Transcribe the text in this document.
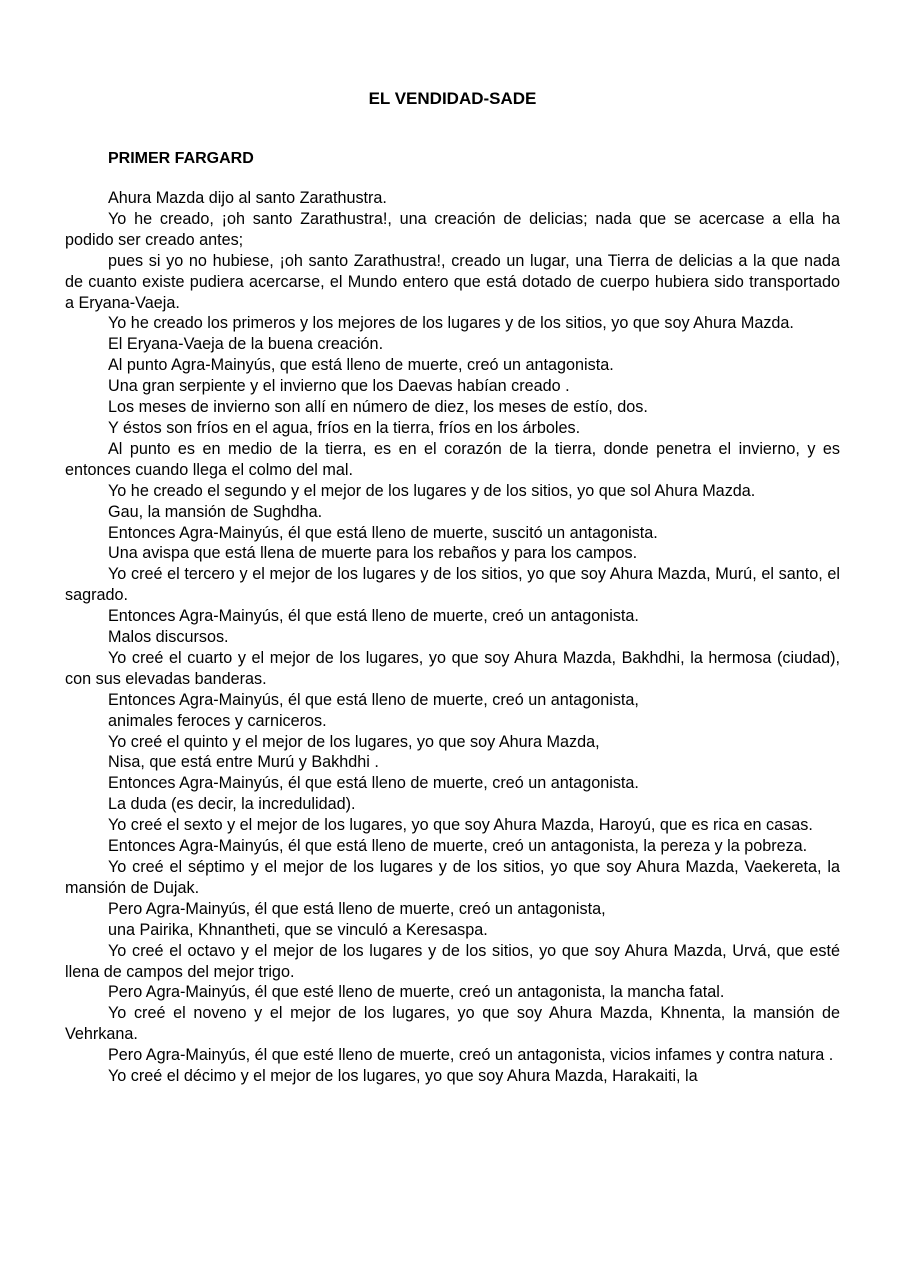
EL VENDIDAD-SADE
PRIMER FARGARD

Ahura Mazda dijo al santo Zarathustra.

Yo he creado, ¡oh santo Zarathustra!, una creación de delicias; nada que se acercase a ella ha podido ser creado antes;

pues si yo no hubiese, ¡oh santo Zarathustra!, creado un lugar, una Tierra de delicias a la que nada de cuanto existe pudiera acercarse, el Mundo entero que está dotado de cuerpo hubiera sido transportado a Eryana-Vaeja.

Yo he creado los primeros y los mejores de los lugares y de los sitios, yo que soy Ahura Mazda.

El Eryana-Vaeja de la buena creación.

Al punto Agra-Mainyús, que está lleno de muerte, creó un antagonista.

Una gran serpiente y el invierno que los Daevas habían creado .

Los meses de invierno son allí en número de diez, los meses de estío, dos.

Y éstos son fríos en el agua, fríos en la tierra, fríos en los árboles.

Al punto es en medio de la tierra, es en el corazón de la tierra, donde penetra el invierno, y es entonces cuando llega el colmo del mal.

Yo he creado el segundo y el mejor de los lugares y de los sitios, yo que sol Ahura Mazda.

Gau, la mansión de Sughdha.

Entonces Agra-Mainyús, él que está lleno de muerte, suscitó un antagonista.

Una avispa que está llena de muerte para los rebaños y para los campos.

Yo creé el tercero y el mejor de los lugares y de los sitios, yo que soy Ahura Mazda, Murú, el santo, el sagrado.

Entonces Agra-Mainyús, él que está lleno de muerte, creó un antagonista.

Malos discursos.

Yo creé el cuarto y el mejor de los lugares, yo que soy Ahura Mazda, Bakhdhi, la hermosa (ciudad), con sus elevadas banderas.

Entonces Agra-Mainyús, él que está lleno de muerte, creó un antagonista,

animales feroces y carniceros.

Yo creé el quinto y el mejor de los lugares, yo que soy Ahura Mazda,

Nisa, que está entre Murú y Bakhdhi .

Entonces Agra-Mainyús, él que está lleno de muerte, creó un antagonista.

La duda (es decir, la incredulidad).

Yo creé el sexto y el mejor de los lugares, yo que soy Ahura Mazda, Haroyú, que es rica en casas.

Entonces Agra-Mainyús, él que está lleno de muerte, creó un antagonista, la pereza y la pobreza.

Yo creé el séptimo y el mejor de los lugares y de los sitios, yo que soy Ahura Mazda, Vaekereta, la mansión de Dujak.

Pero Agra-Mainyús, él que está lleno de muerte, creó un antagonista,

una Pairika, Khnantheti, que se vinculó a Keresaspa.

Yo creé el octavo y el mejor de los lugares y de los sitios, yo que soy Ahura Mazda, Urvá, que esté llena de campos del mejor trigo.

Pero Agra-Mainyús, él que esté lleno de muerte, creó un antagonista, la mancha fatal.

Yo creé el noveno y el mejor de los lugares, yo que soy Ahura Mazda, Khnenta, la mansión de Vehrkana.

Pero Agra-Mainyús, él que esté lleno de muerte, creó un antagonista, vicios infames y contra natura .

Yo creé el décimo y el mejor de los lugares, yo que soy Ahura Mazda, Harakaiti, la
